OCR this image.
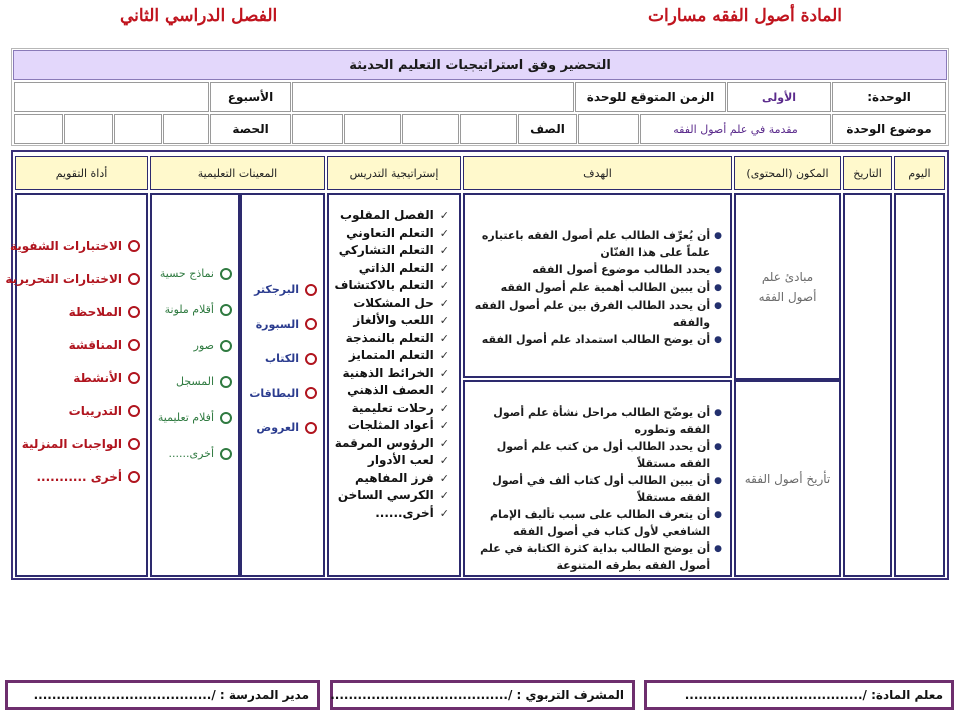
المادة أصول الفقه مسارات
الفصل الدراسي الثاني
التحضير وفق استراتيجيات التعليم الحديثة
الوحدة:
الأولى
الزمن المتوقع للوحدة
الأسبوع
موضوع الوحدة
مقدمة في علم أصول الفقه
الصف
الحصة
اليوم
التاريخ
المكون (المحتوى)
الهدف
إستراتيجية التدريس
المعينات التعليمية
أداة التقويم
مبادئ علم أصول الفقه
تأريخ أصول الفقه
●
أن يُعرِّف الطالب علم أصول الفقه باعتباره علماً على هذا الفنّان
●
يحدد الطالب موضوع أصول الفقه
●
أن يبين الطالب أهمية علم أصول الفقه
●
أن يحدد الطالب الفرق بين علم أصول الفقه والفقه
●
أن يوضح الطالب استمداد علم أصول الفقه
●
أن يوضّح الطالب مراحل نشأة علم أصول الفقه وتطوره
●
أن يحدد الطالب أول من كتب علم أصول الفقه مستقلاً
●
أن يبين الطالب أول كتاب ألف في أصول الفقه مستقلاً
●
أن يتعرف الطالب على سبب تأليف الإمام الشافعي لأول كتاب في أصول الفقه
●
أن يوضح الطالب بداية كثرة الكتابة في علم أصول الفقه بطرقه المتنوعة
✓
الفصل المقلوب
✓
التعلم التعاوني
✓
التعلم التشاركي
✓
التعلم الذاتي
✓
التعلم بالاكتشاف
✓
حل المشكلات
✓
اللعب والألغاز
✓
التعلم بالنمذجة
✓
التعلم المتمايز
✓
الخرائط الذهنية
✓
العصف الذهني
✓
رحلات تعليمية
✓
أعواد المثلجات
✓
الرؤوس المرقمة
✓
لعب الأدوار
✓
فرز المفاهيم
✓
الكرسي الساخن
✓
أخرى......
البرجكتر
السبورة
الكتاب
البطاقات
العروض
نماذج حسية
أقلام ملونة
صور
المسجل
أفلام تعليمية
أخرى......
الاختبارات الشفوية
الاختبارات التحريرية
الملاحظة
المناقشة
الأنشطة
التدريبات
الواجبات المنزلية
أخرى ...........
معلم المادة: /.......................................
المشرف التربوي : /.......................................
مدير المدرسة : /.......................................
